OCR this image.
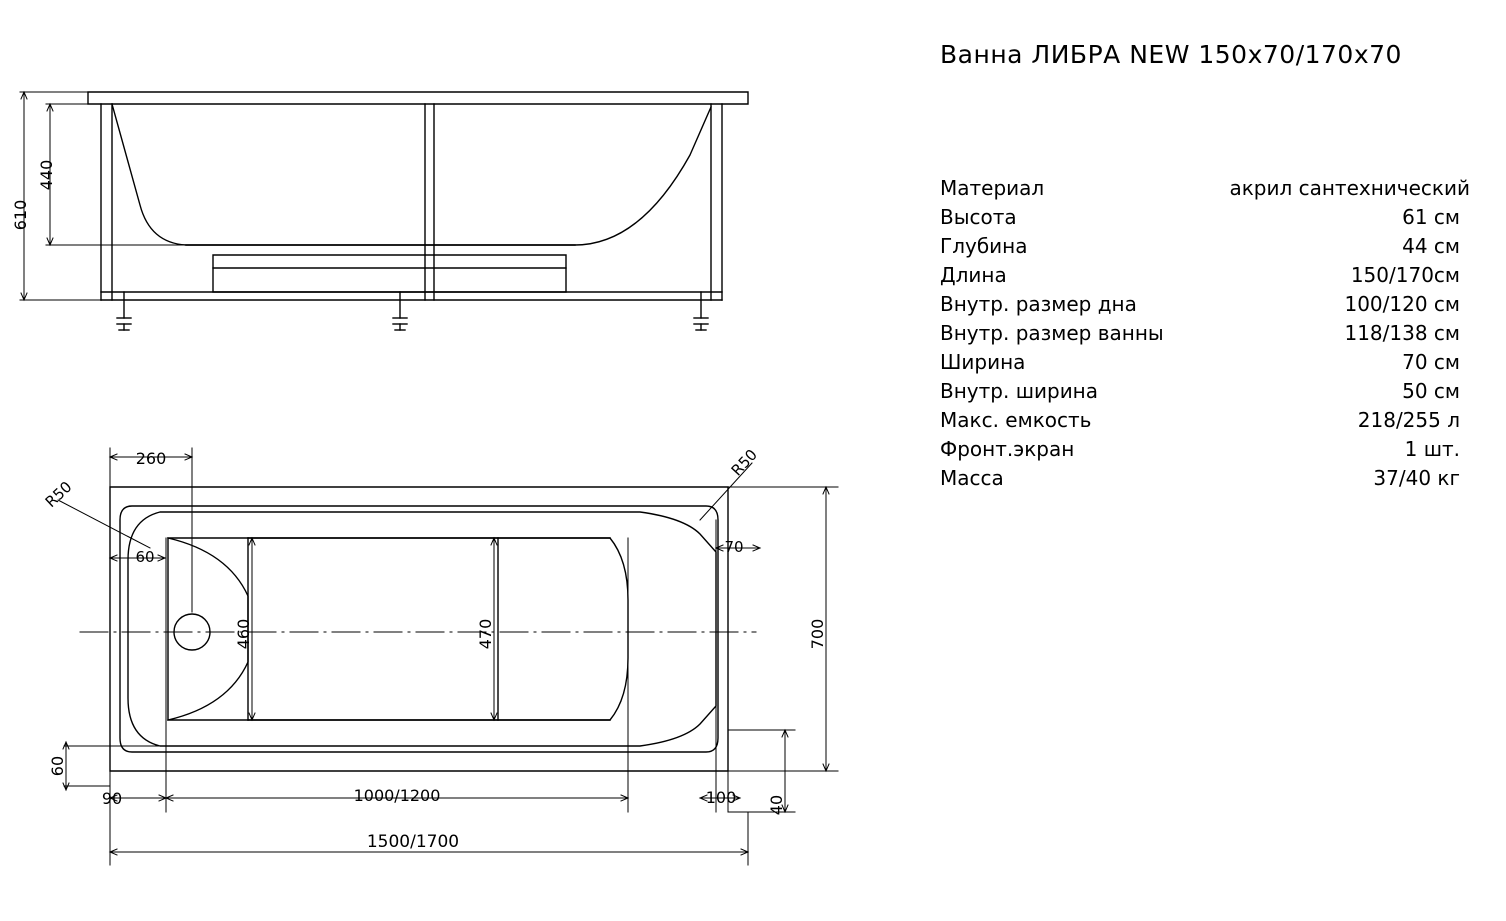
610
440
260
R50
R50
60
70
460	470	700
60
90	1000/1200	100 40
1500/1700
Ванна ЛИБРА NEW 150x70/170x70
Материал	акрил сантехнический
Высота	61 см
Глубина	44 см
Длина	150/170см
Внутр. размер дна	100/120 см
Внутр. размер ванны	118/138 см
Ширина	70 см
Внутр. ширина	50 см
Макс. емкость	218/255 л
Фронт.экран	1 шт.
Масса	37/40 кг
